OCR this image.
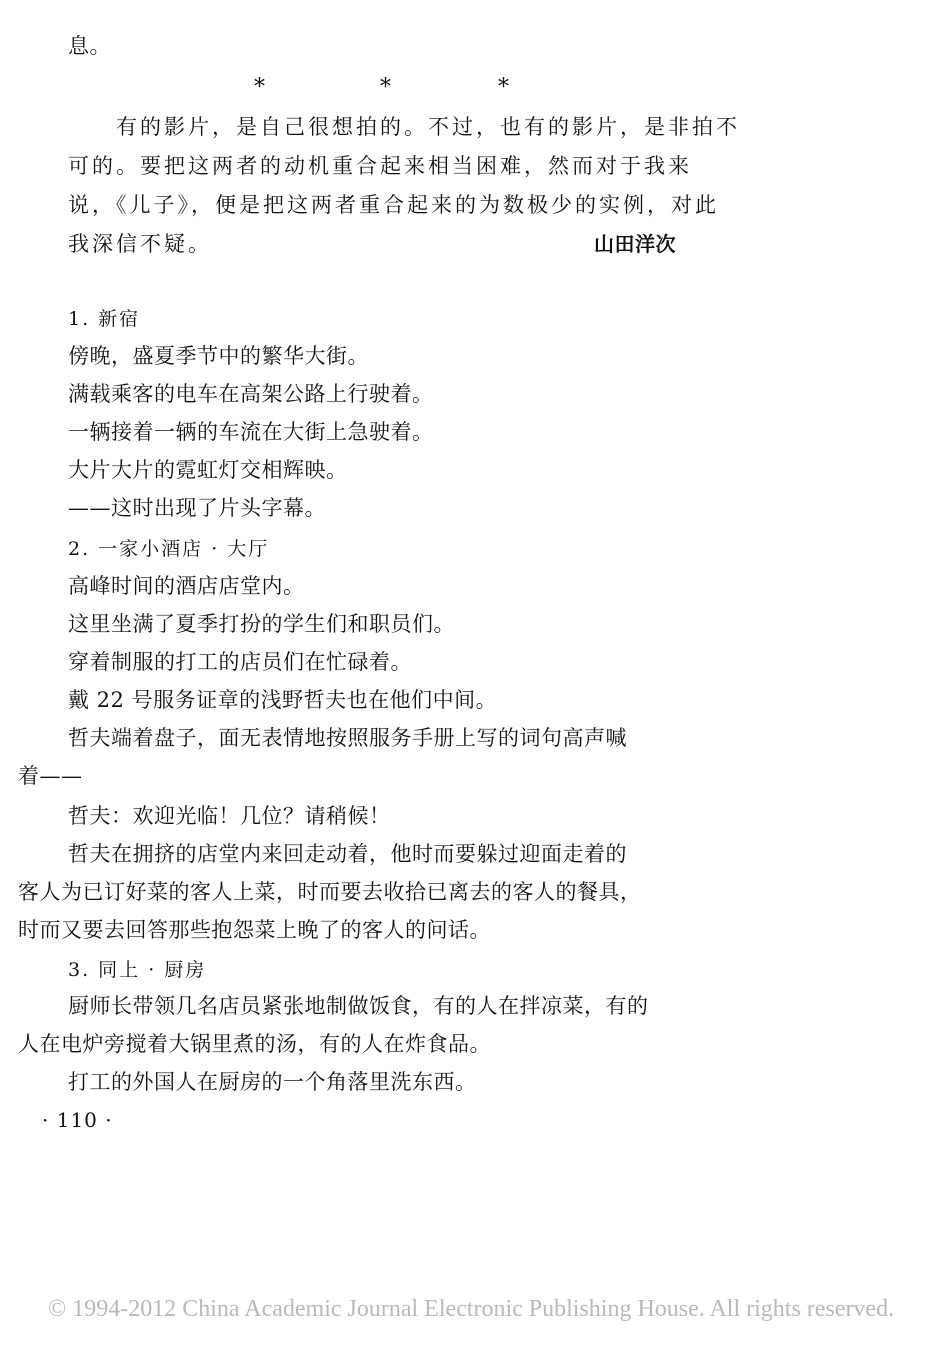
息。
*	*	*
有的影片，是自己很想拍的。不过，也有的影片，是非拍不
可的。要把这两者的动机重合起来相当困难，然而对于我来
说，《儿子》，便是把这两者重合起来的为数极少的实例，对此
我深信不疑。	山田洋次
1. 新宿
傍晚，盛夏季节中的繁华大街。
满载乘客的电车在高架公路上行驶着。
一辆接着一辆的车流在大街上急驶着。
大片大片的霓虹灯交相辉映。
——这时出现了片头字幕。
2. 一家小酒店 · 大厅
高峰时间的酒店店堂内。
这里坐满了夏季打扮的学生们和职员们。
穿着制服的打工的店员们在忙碌着。
戴 22 号服务证章的浅野哲夫也在他们中间。
哲夫端着盘子，面无表情地按照服务手册上写的词句高声喊
着——
哲夫：欢迎光临！几位？请稍候！
哲夫在拥挤的店堂内来回走动着，他时而要躲过迎面走着的
客人为已订好菜的客人上菜，时而要去收拾已离去的客人的餐具，
时而又要去回答那些抱怨菜上晚了的客人的问话。
3. 同上 · 厨房
厨师长带领几名店员紧张地制做饭食，有的人在拌凉菜，有的
人在电炉旁搅着大锅里煮的汤，有的人在炸食品。
打工的外国人在厨房的一个角落里洗东西。
· 110 ·
© 1994-2012 China Academic Journal Electronic Publishing House. All rights reserved.
